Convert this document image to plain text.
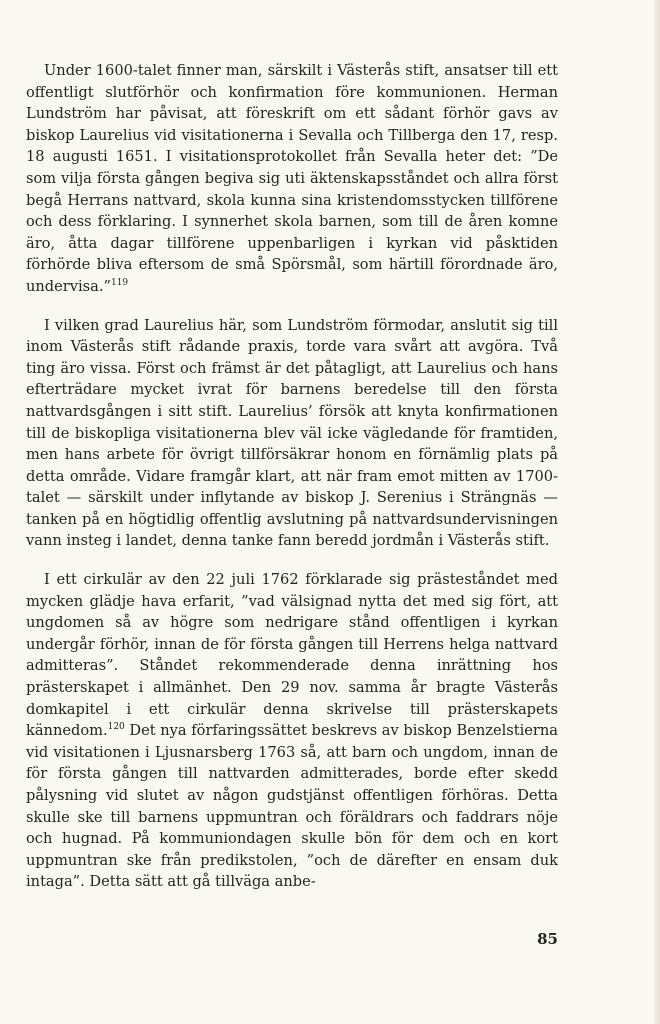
Under 1600-talet finner man, särskilt i Västerås stift, ansatser till ett offentligt slutförhör och konfirmation före kommunionen. Herman Lundström har påvisat, att föreskrift om ett sådant förhör gavs av biskop Laurelius vid visitationerna i Sevalla och Tillberga den 17, resp. 18 augusti 1651. I visitationsprotokollet från Sevalla heter det: ”De som vilja första gången begiva sig uti äktenskapsståndet och allra först begå Herrans nattvard, skola kunna sina kristendomsstycken tillförene och dess förklaring. I synnerhet skola barnen, som till de åren komne äro, åtta dagar tillförene uppenbarligen i kyrkan vid påsktiden förhörde bliva eftersom de små Spörsmål, som härtill förordnade äro, undervisa.”$^{119}$

I vilken grad Laurelius här, som Lundström förmodar, anslutit sig till inom Västerås stift rådande praxis, torde vara svårt att avgöra. Två ting äro vissa. Först och främst är det påtagligt, att Laurelius och hans efterträdare mycket ivrat för barnens beredelse till den första nattvardsgången i sitt stift. Laurelius’ försök att knyta konfirmationen till de biskopliga visitationerna blev väl icke vägledande för framtiden, men hans arbete för övrigt tillförsäkrar honom en förnämlig plats på detta område. Vidare framgår klart, att när fram emot mitten av 1700-talet — särskilt under inflytande av biskop J. Serenius i Strängnäs — tanken på en högtidlig offentlig avslutning på nattvardsundervisningen vann insteg i landet, denna tanke fann beredd jordmån i Västerås stift.

I ett cirkulär av den 22 juli 1762 förklarade sig prästeståndet med mycken glädje hava erfarit, ”vad välsignad nytta det med sig fört, att ungdomen så av högre som nedrigare stånd offentligen i kyrkan undergår förhör, innan de för första gången till Herrens helga nattvard admitteras”. Ståndet rekommenderade denna inrättning hos prästerskapet i allmänhet. Den 29 nov. samma år bragte Västerås domkapitel i ett cirkulär denna skrivelse till prästerskapets kännedom.$^{120}$ Det nya förfaringssättet beskrevs av biskop Benzelstierna vid visitationen i Ljusnarsberg 1763 så, att barn och ungdom, innan de för första gången till nattvarden admitterades, borde efter skedd pålysning vid slutet av någon gudstjänst offentligen förhöras. Detta skulle ske till barnens uppmuntran och föräldrars och faddrars nöje och hugnad. På kommuniondagen skulle bön för dem och en kort uppmuntran ske från predikstolen, ”och de därefter en ensam duk intaga”. Detta sätt att gå tillväga anbe-

85
